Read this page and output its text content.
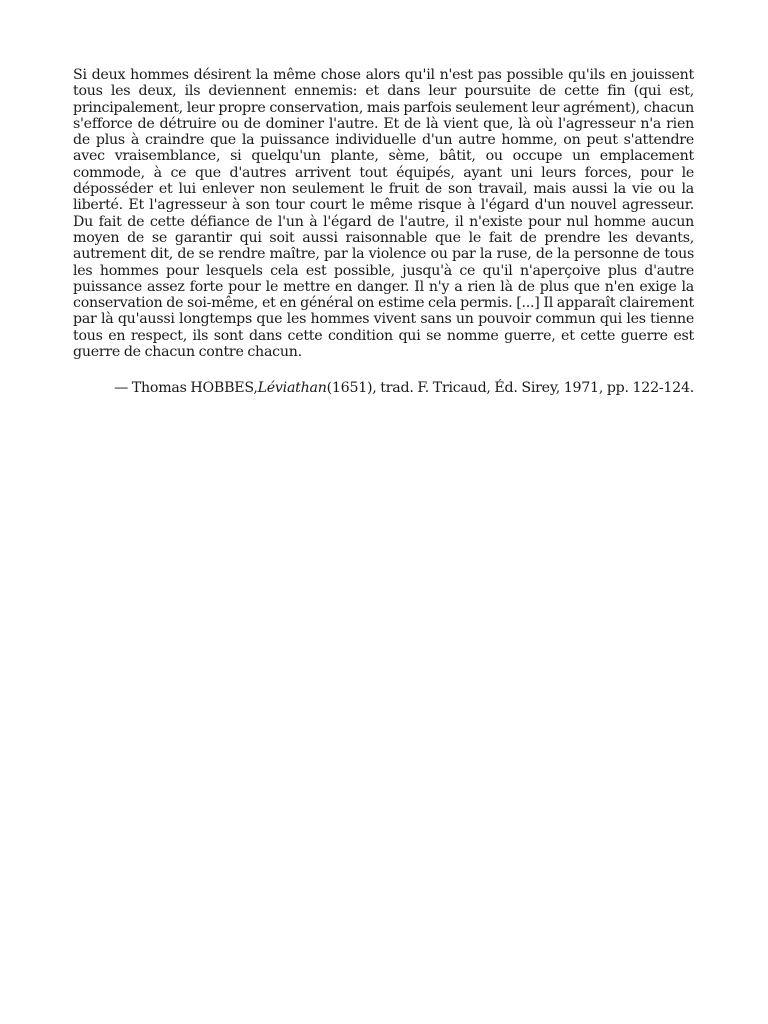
Si deux hommes désirent la même chose alors qu'il n'est pas possible qu'ils en jouissent tous les deux, ils deviennent ennemis: et dans leur poursuite de cette fin (qui est, principalement, leur propre conservation, mais parfois seulement leur agrément), chacun s'efforce de détruire ou de dominer l'autre. Et de là vient que, là où l'agresseur n'a rien de plus à craindre que la puissance individuelle d'un autre homme, on peut s'attendre avec vraisemblance, si quelqu'un plante, sème, bâtit, ou occupe un emplacement commode, à ce que d'autres arrivent tout équipés, ayant uni leurs forces, pour le déposséder et lui enlever non seulement le fruit de son travail, mais aussi la vie ou la liberté. Et l'agresseur à son tour court le même risque à l'égard d'un nouvel agresseur. Du fait de cette défiance de l'un à l'égard de l'autre, il n'existe pour nul homme aucun moyen de se garantir qui soit aussi raisonnable que le fait de prendre les devants, autrement dit, de se rendre maître, par la violence ou par la ruse, de la personne de tous les hommes pour lesquels cela est possible, jusqu'à ce qu'il n'aperçoive plus d'autre puissance assez forte pour le mettre en danger. Il n'y a rien là de plus que n'en exige la conservation de soi-même, et en général on estime cela permis. [...] Il apparaît clairement par là qu'aussi longtemps que les hommes vivent sans un pouvoir commun qui les tienne tous en respect, ils sont dans cette condition qui se nomme guerre, et cette guerre est guerre de chacun contre chacun.

— Thomas HOBBES,Léviathan(1651), trad. F. Tricaud, Éd. Sirey, 1971, pp. 122-124.
